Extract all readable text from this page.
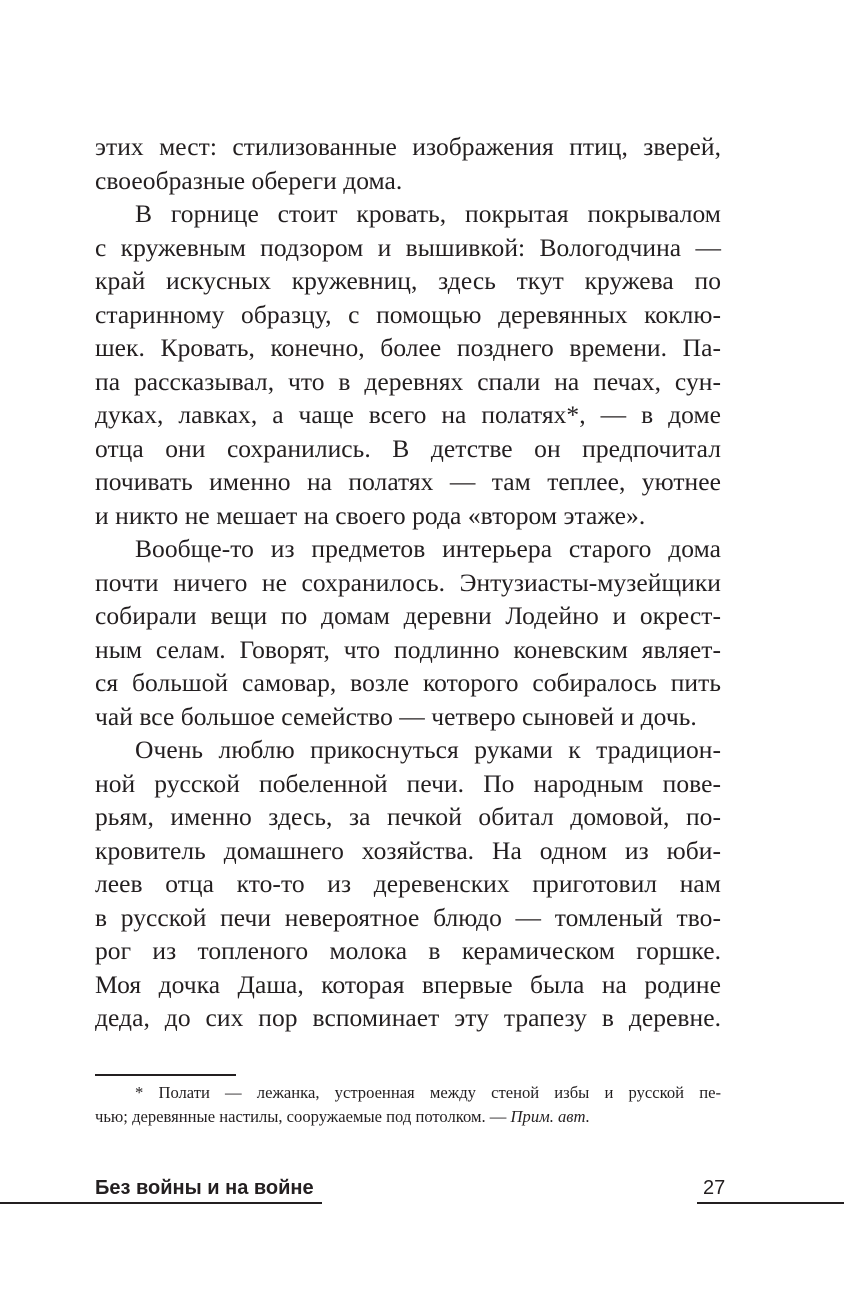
этих мест: стилизованные изображения птиц, зверей,
своеобразные обереги дома.
В горнице стоит кровать, покрытая покрывалом
с кружевным подзором и вышивкой: Вологодчина —
край искусных кружевниц, здесь ткут кружева по
старинному образцу, с помощью деревянных коклю-
шек. Кровать, конечно, более позднего времени. Па-
па рассказывал, что в деревнях спали на печах, сун-
дуках, лавках, а чаще всего на полатях*, — в доме
отца они сохранились. В детстве он предпочитал
почивать именно на полатях — там теплее, уютнее
и никто не мешает на своего рода «втором этаже».
Вообще-то из предметов интерьера старого дома
почти ничего не сохранилось. Энтузиасты-музейщики
собирали вещи по домам деревни Лодейно и окрест-
ным селам. Говорят, что подлинно коневским являет-
ся большой самовар, возле которого собиралось пить
чай все большое семейство — четверо сыновей и дочь.
Очень люблю прикоснуться руками к традицион-
ной русской побеленной печи. По народным пове-
рьям, именно здесь, за печкой обитал домовой, по-
кровитель домашнего хозяйства. На одном из юби-
леев отца кто-то из деревенских приготовил нам
в русской печи невероятное блюдо — томленый тво-
рог из топленого молока в керамическом горшке.
Моя дочка Даша, которая впервые была на родине
деда, до сих пор вспоминает эту трапезу в деревне.
* Полати — лежанка, устроенная между стеной избы и русской пе-
чью; деревянные настилы, сооружаемые под потолком. — Прим. авт.
Без войны и на войне	27
